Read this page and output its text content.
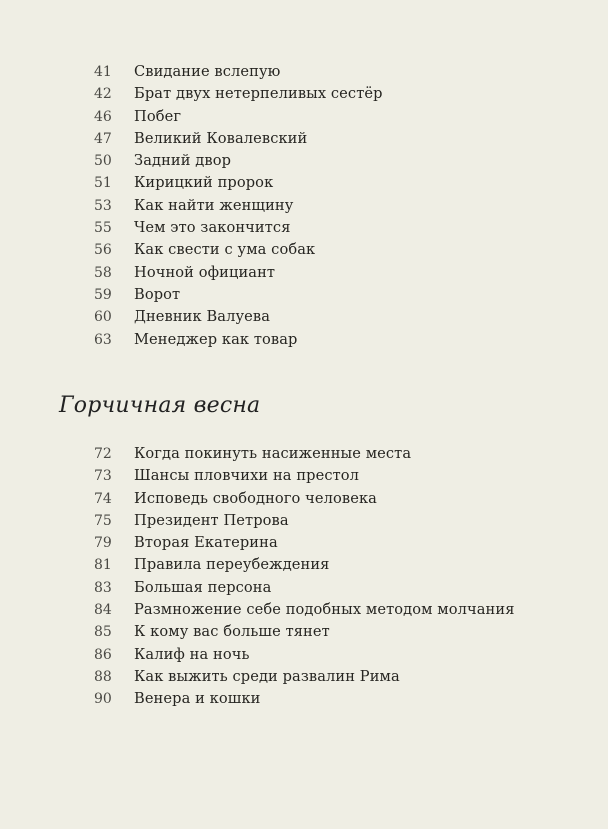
41	Свидание вслепую
42	Брат двух нетерпеливых сестёр
46	Побег
47	Великий Ковалевский
50	Задний двор
51	Кирицкий пророк
53	Как найти женщину
55	Чем это закончится
56	Как свести с ума собак
58	Ночной официант
59	Ворот
60	Дневник Валуева
63	Менеджер как товар
Горчичная весна
72	Когда покинуть насиженные места
73	Шансы пловчихи на престол
74	Исповедь свободного человека
75	Президент Петрова
79	Вторая Екатерина
81	Правила переубеждения
83	Большая персона
84	Размножение себе подобных методом молчания
85	К кому вас больше тянет
86	Калиф на ночь
88	Как выжить среди развалин Рима
90	Венера и кошки
